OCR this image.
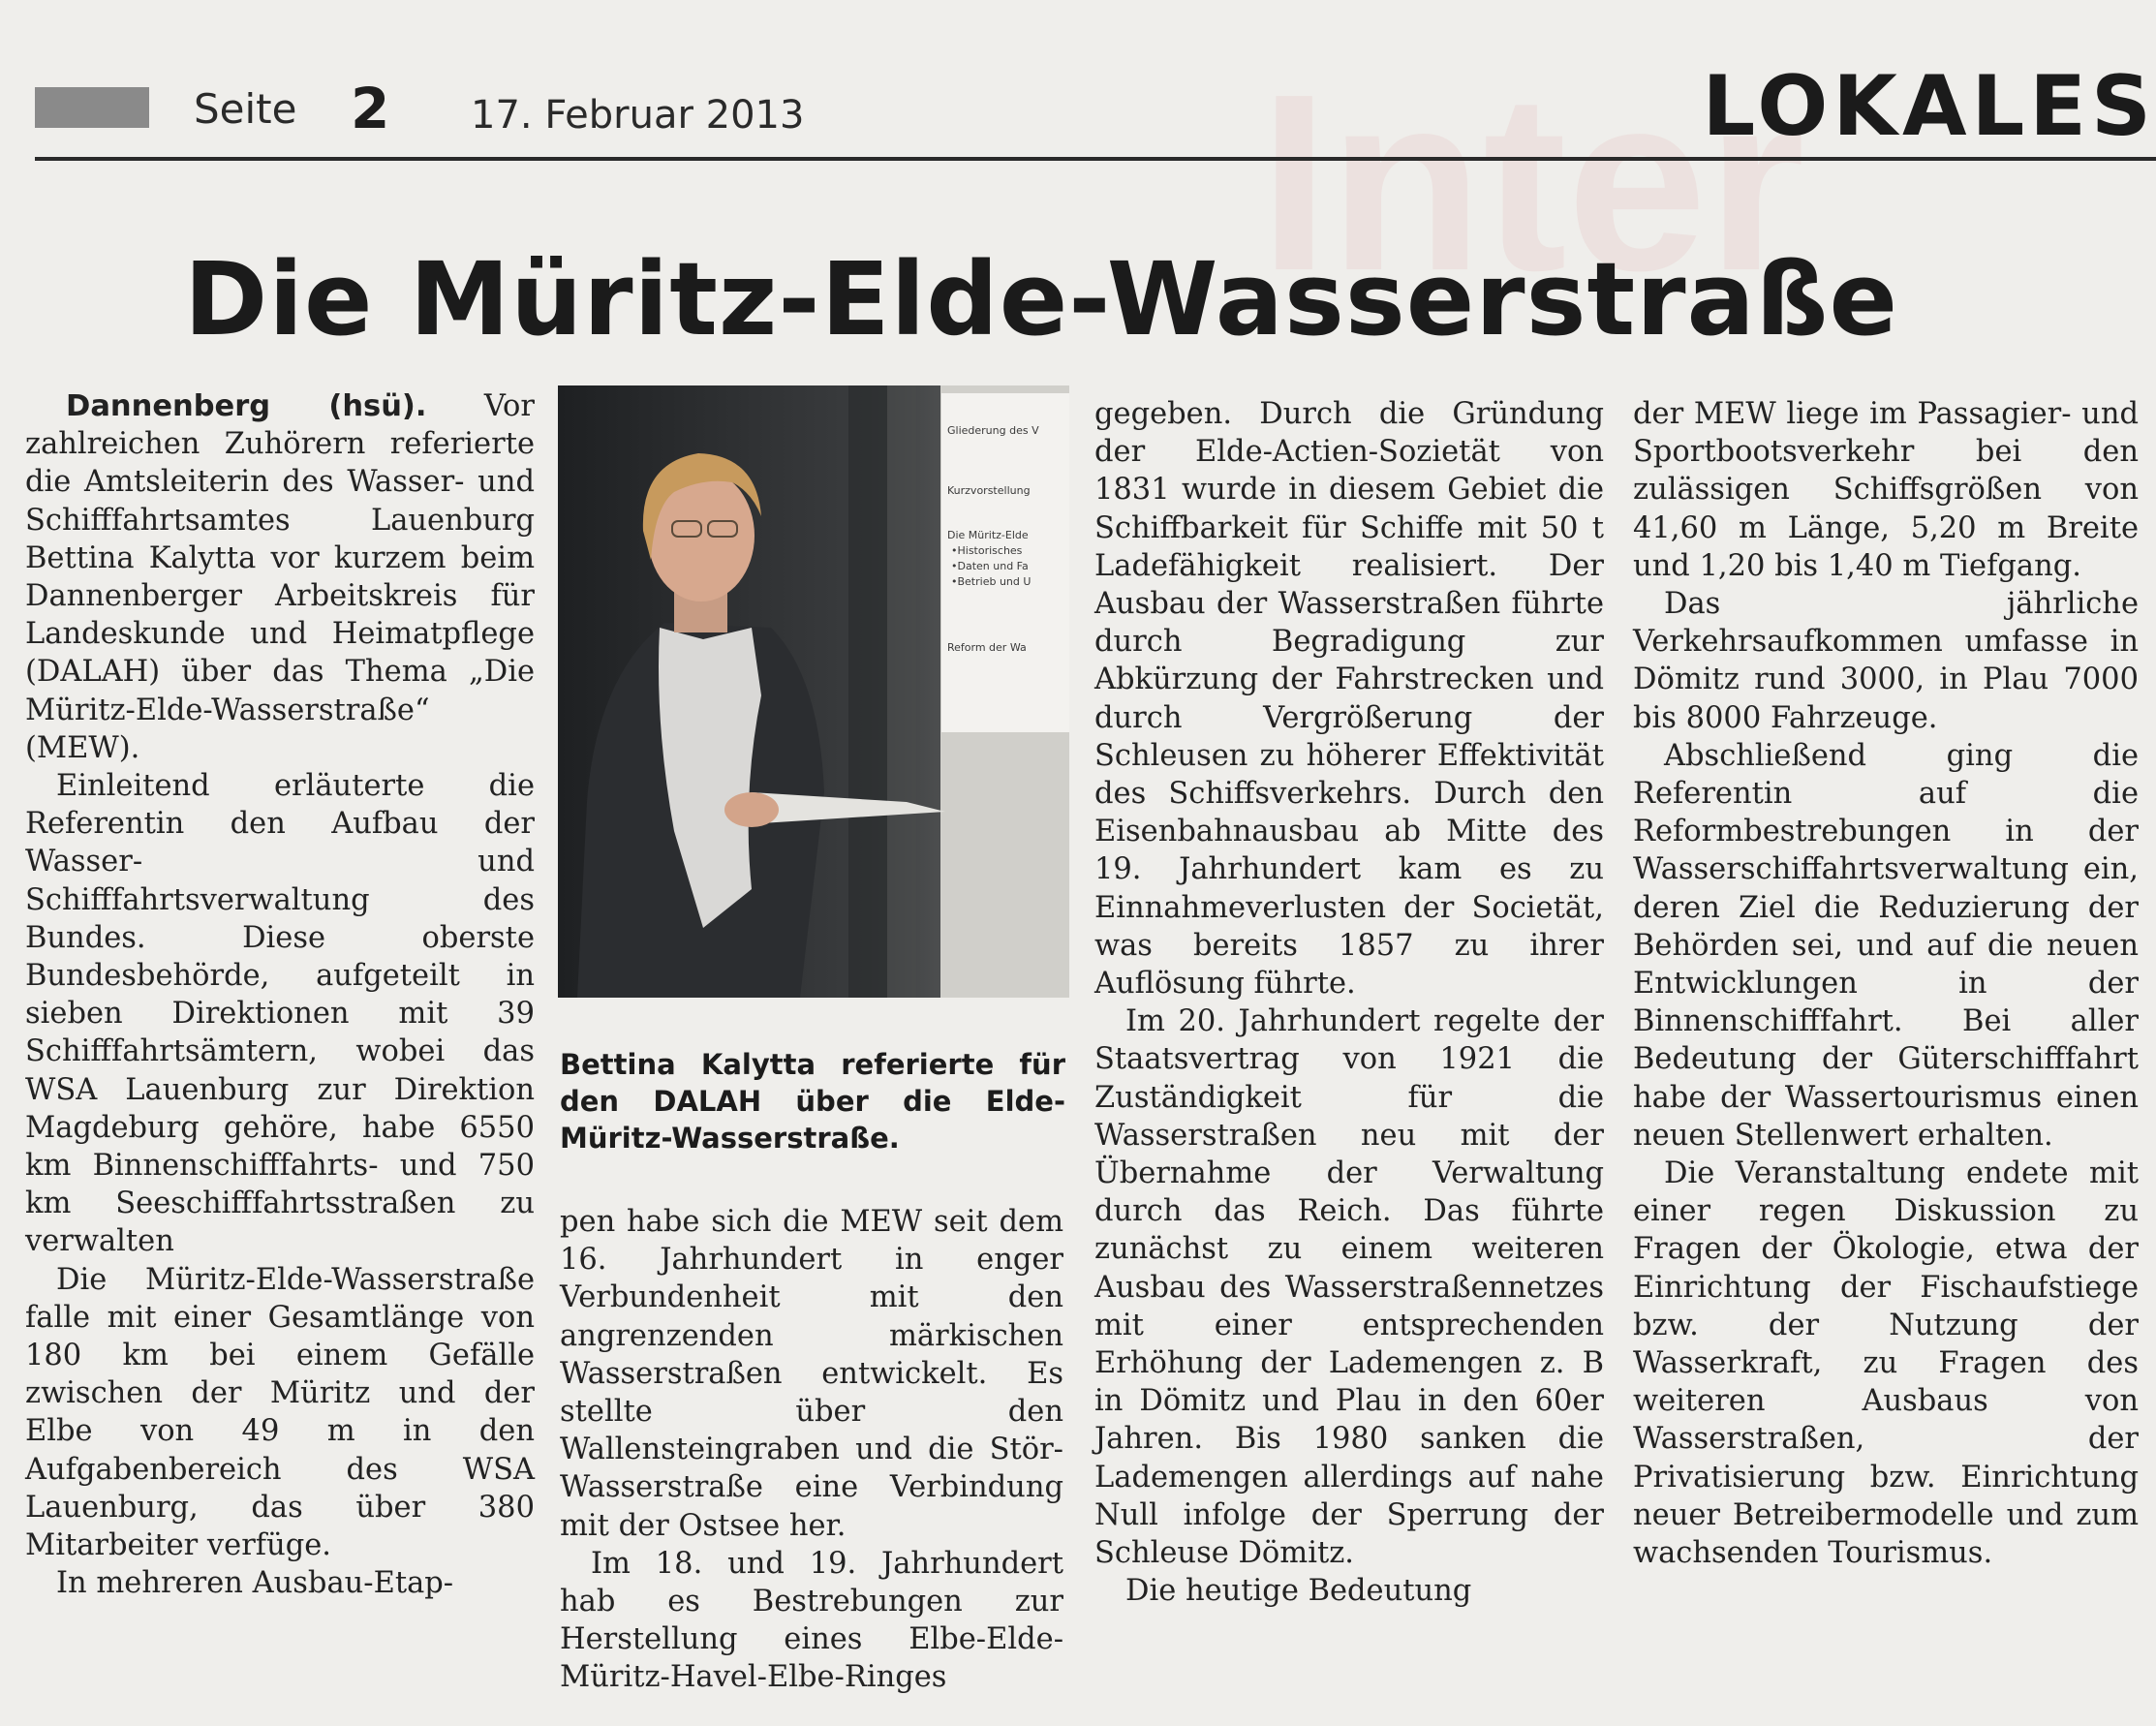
Inter
Seite 2 17. Februar 2013	LOKALES
Die Müritz-Elde-Wasserstraße

Dannenberg (hsü). Vor zahlreichen Zuhörern referierte die Amtsleiterin des Wasser- und Schifffahrtsamtes Lauenburg Bettina Kalytta vor kurzem beim Dannenberger Arbeitskreis für Landeskunde und Heimatpflege (DALAH) über das Thema „Die Müritz-Elde-Wasserstraße“ (MEW).

Einleitend erläuterte die Referentin den Aufbau der Wasser- und Schifffahrtsverwaltung des Bundes. Diese oberste Bundesbehörde, aufgeteilt in sieben Direktionen mit 39 Schifffahrtsämtern, wobei das WSA Lauenburg zur Direktion Magdeburg gehöre, habe 6550 km Binnenschifffahrts- und 750 km Seeschifffahrtsstraßen zu verwalten

Die Müritz-Elde-Wasserstraße falle mit einer Gesamtlänge von 180 km bei einem Gefälle zwischen der Müritz und der Elbe von 49 m in den Aufgabenbereich des WSA Lauenburg, das über 380 Mitarbeiter verfüge.

In mehreren Ausbau-Etap-

Gliederung des V
Kurzvorstellung
Die Müritz-Elde
•Historisches
•Daten und Fa
•Betrieb und U
Reform der Wa
Bettina Kalytta referierte für den DALAH über die Elde-Müritz-Wasserstraße.

pen habe sich die MEW seit dem 16. Jahrhundert in enger Verbundenheit mit den angrenzenden märkischen Wasserstraßen entwickelt. Es stellte über den Wallensteingraben und die Stör-Wasserstraße eine Verbindung mit der Ostsee her.

Im 18. und 19. Jahrhundert hab es Bestrebungen zur Herstellung eines Elbe-Elde-Müritz-Havel-Elbe-Ringes

gegeben. Durch die Gründung der Elde-Actien-Sozietät von 1831 wurde in diesem Gebiet die Schiffbarkeit für Schiffe mit 50 t Ladefähigkeit realisiert. Der Ausbau der Wasserstraßen führte durch Begradigung zur Abkürzung der Fahrstrecken und durch Vergrößerung der Schleusen zu höherer Effektivität des Schiffsverkehrs. Durch den Eisenbahnausbau ab Mitte des 19. Jahrhundert kam es zu Einnahmeverlusten der Societät, was bereits 1857 zu ihrer Auflösung führte.

Im 20. Jahrhundert regelte der Staatsvertrag von 1921 die Zuständigkeit für die Wasserstraßen neu mit der Übernahme der Verwaltung durch das Reich. Das führte zunächst zu einem weiteren Ausbau des Wasserstraßennetzes mit einer entsprechenden Erhöhung der Lademengen z. B in Dömitz und Plau in den 60er Jahren. Bis 1980 sanken die Lademengen allerdings auf nahe Null infolge der Sperrung der Schleuse Dömitz.

Die heutige Bedeutung

der MEW liege im Passagier- und Sportbootsverkehr bei den zulässigen Schiffsgrößen von 41,60 m Länge, 5,20 m Breite und 1,20 bis 1,40 m Tiefgang.

Das jährliche Verkehrsaufkommen umfasse in Dömitz rund 3000, in Plau 7000 bis 8000 Fahrzeuge.

Abschließend ging die Referentin auf die Reformbestrebungen in der Wasserschiffahrtsverwaltung ein, deren Ziel die Reduzierung der Behörden sei, und auf die neuen Entwicklungen in der Binnenschifffahrt. Bei aller Bedeutung der Güterschifffahrt habe der Wassertourismus einen neuen Stellenwert erhalten.

Die Veranstaltung endete mit einer regen Diskussion zu Fragen der Ökologie, etwa der Einrichtung der Fischaufstiege bzw. der Nutzung der Wasserkraft, zu Fragen des weiteren Ausbaus von Wasserstraßen, der Privatisierung bzw. Einrichtung neuer Betreibermodelle und zum wachsenden Tourismus.
